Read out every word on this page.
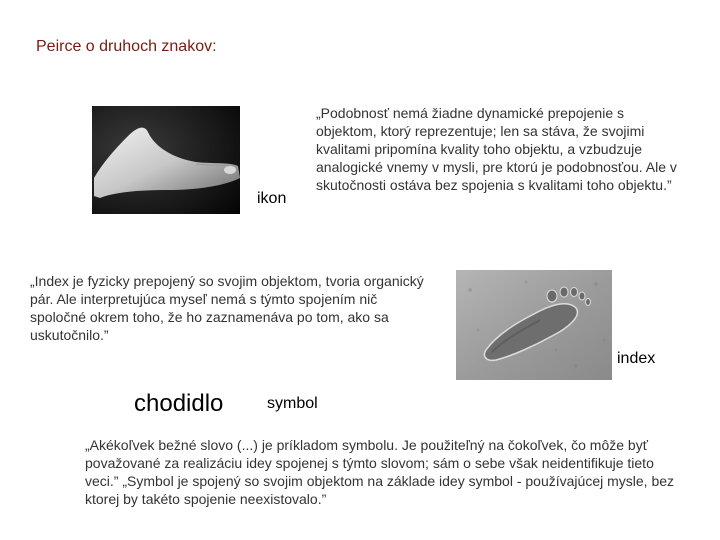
Peirce o druhoch znakov:
ikon
„Podobnosť nemá žiadne dynamické prepojenie s objektom, ktorý reprezentuje; len sa stáva, že svojimi kvalitami pripomína kvality toho objektu, a vzbudzuje analogické vnemy v mysli, pre ktorú je podobnosťou. Ale v skutočnosti ostáva bez spojenia s kvalitami toho objektu.”
„Index je fyzicky prepojený so svojim objektom, tvoria organický pár. Ale interpretujúca myseľ nemá s týmto spojením nič spoločné okrem toho, že ho zaznamenáva po tom, ako sa uskutočnilo.”
index
chodidlo	symbol
„Akékoľvek bežné slovo (...) je príkladom symbolu. Je použiteľný na čokoľvek, čo môže byť považované za realizáciu idey spojenej s týmto slovom; sám o sebe však neidentifikuje tieto veci.” „Symbol je spojený so svojim objektom na základe idey symbol - používajúcej mysle, bez ktorej by takéto spojenie neexistovalo.”
